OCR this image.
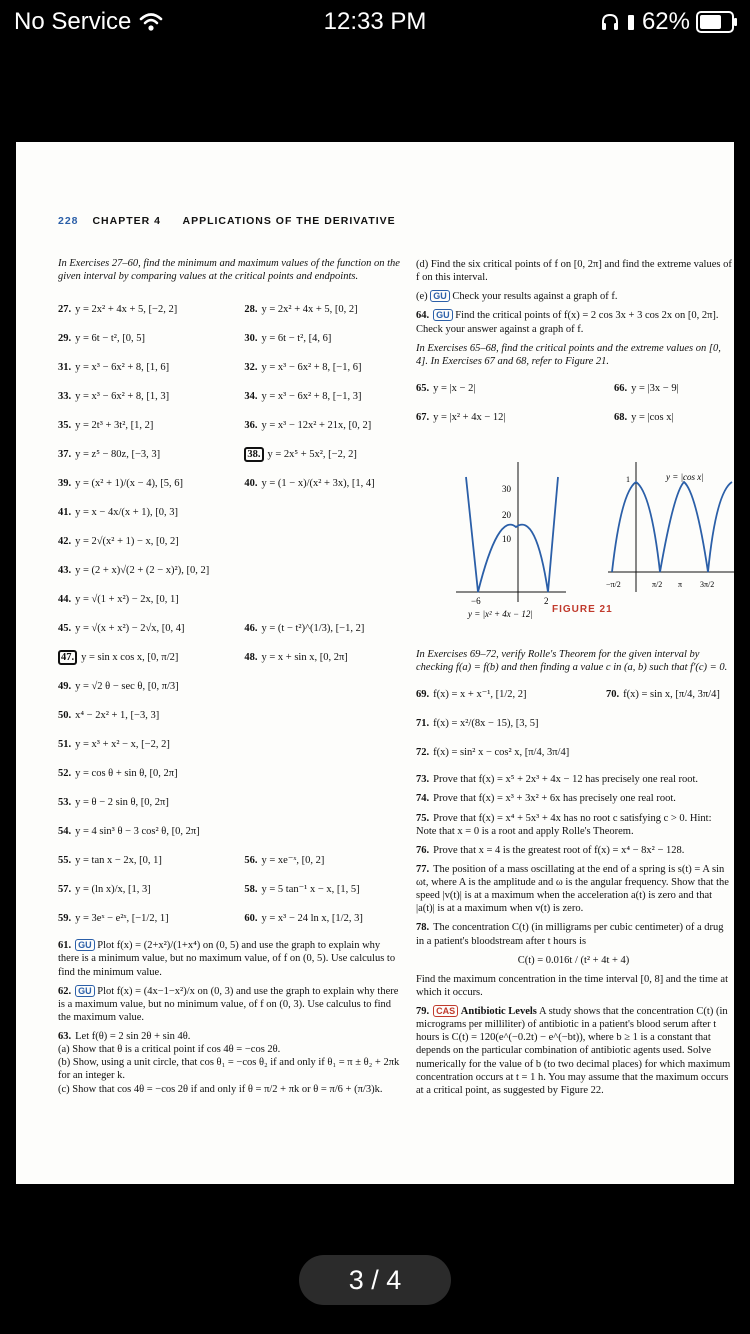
No Service	12:33 PM	62%
228 CHAPTER 4 APPLICATIONS OF THE DERIVATIVE
In Exercises 27–60, find the minimum and maximum values of the function on the given interval by comparing values at the critical points and endpoints.
27. y = 2x² + 4x + 5, [−2, 2]	28. y = 2x² + 4x + 5, [0, 2]
29. y = 6t − t², [0, 5]	30. y = 6t − t², [4, 6]
31. y = x³ − 6x² + 8, [1, 6]	32. y = x³ − 6x² + 8, [−1, 6]
33. y = x³ − 6x² + 8, [1, 3]	34. y = x³ − 6x² + 8, [−1, 3]
35. y = 2t³ + 3t², [1, 2]	36. y = x³ − 12x² + 21x, [0, 2]
37. y = z⁵ − 80z, [−3, 3]	38. y = 2x⁵ + 5x², [−2, 2]
39. y = (x² + 1)/(x − 4), [5, 6]	40. y = (1 − x)/(x² + 3x), [1, 4]
41. y = x − 4x/(x + 1), [0, 3]
42. y = 2√(x² + 1) − x, [0, 2]
43. y = (2 + x)√(2 + (2 − x)²), [0, 2]
44. y = √(1 + x²) − 2x, [0, 1]
45. y = √(x + x²) − 2√x, [0, 4]	46. y = (t − t²)^(1/3), [−1, 2]
47. y = sin x cos x, [0, π/2]	48. y = x + sin x, [0, 2π]
49. y = √2 θ − sec θ, [0, π/3]
50. x⁴ − 2x² + 1, [−3, 3]
51. y = x³ + x² − x, [−2, 2]
52. y = cos θ + sin θ, [0, 2π]
53. y = θ − 2 sin θ, [0, 2π]
54. y = 4 sin³ θ − 3 cos² θ, [0, 2π]
55. y = tan x − 2x, [0, 1]	56. y = xe⁻ˣ, [0, 2]
57. y = (ln x)/x, [1, 3]	58. y = 5 tan⁻¹ x − x, [1, 5]
59. y = 3eˣ − e²ˣ, [−1/2, 1]	60. y = x³ − 24 ln x, [1/2, 3]
61. GU Plot f(x) = (2+x²)/(1+x⁴) on (0, 5) and use the graph to explain why there is a minimum value, but no maximum value, of f on (0, 5). Use calculus to find the minimum value.
62. GU Plot f(x) = (4x−1−x²)/x on (0, 3) and use the graph to explain why there is a maximum value, but no minimum value, of f on (0, 3). Use calculus to find the maximum value.
63. Let f(θ) = 2 sin 2θ + sin 4θ.
(a) Show that θ is a critical point if cos 4θ = −cos 2θ.
(b) Show, using a unit circle, that cos θ₁ = −cos θ₂ if and only if θ₁ = π ± θ₂ + 2πk for an integer k.
(c) Show that cos 4θ = −cos 2θ if and only if θ = π/2 + πk or θ = π/6 + (π/3)k.
(d) Find the six critical points of f on [0, 2π] and find the extreme values of f on this interval.
(e) GU Check your results against a graph of f.
64. GU Find the critical points of f(x) = 2 cos 3x + 3 cos 2x on [0, 2π]. Check your answer against a graph of f.
In Exercises 65–68, find the critical points and the extreme values on [0, 4]. In Exercises 67 and 68, refer to Figure 21.
65. y = |x − 2|	66. y = |3x − 9|
67. y = |x² + 4x − 12|	68. y = |cos x|
30
20
10
−6	2
y = |x² + 4x − 12|
y = |cos x|
−π/2	π/2 π 3π/2
1
FIGURE 21
In Exercises 69–72, verify Rolle's Theorem for the given interval by checking f(a) = f(b) and then finding a value c in (a, b) such that f′(c) = 0.
69. f(x) = x + x⁻¹, [1/2, 2]	70. f(x) = sin x, [π/4, 3π/4]
71. f(x) = x²/(8x − 15), [3, 5]
72. f(x) = sin² x − cos² x, [π/4, 3π/4]
73. Prove that f(x) = x⁵ + 2x³ + 4x − 12 has precisely one real root.
74. Prove that f(x) = x³ + 3x² + 6x has precisely one real root.
75. Prove that f(x) = x⁴ + 5x³ + 4x has no root c satisfying c > 0. Hint: Note that x = 0 is a root and apply Rolle's Theorem.
76. Prove that x = 4 is the greatest root of f(x) = x⁴ − 8x² − 128.
77. The position of a mass oscillating at the end of a spring is s(t) = A sin ωt, where A is the amplitude and ω is the angular frequency. Show that the speed |v(t)| is at a maximum when the acceleration a(t) is zero and that |a(t)| is at a maximum when v(t) is zero.
78. The concentration C(t) (in milligrams per cubic centimeter) of a drug in a patient's bloodstream after t hours is
C(t) = 0.016t / (t² + 4t + 4)
Find the maximum concentration in the time interval [0, 8] and the time at which it occurs.
79. CAS Antibiotic Levels A study shows that the concentration C(t) (in micrograms per milliliter) of antibiotic in a patient's blood serum after t hours is C(t) = 120(e^(−0.2t) − e^(−bt)), where b ≥ 1 is a constant that depends on the particular combination of antibiotic agents used. Solve numerically for the value of b (to two decimal places) for which maximum concentration occurs at t = 1 h. You may assume that the maximum occurs at a critical point, as suggested by Figure 22.
3 / 4
